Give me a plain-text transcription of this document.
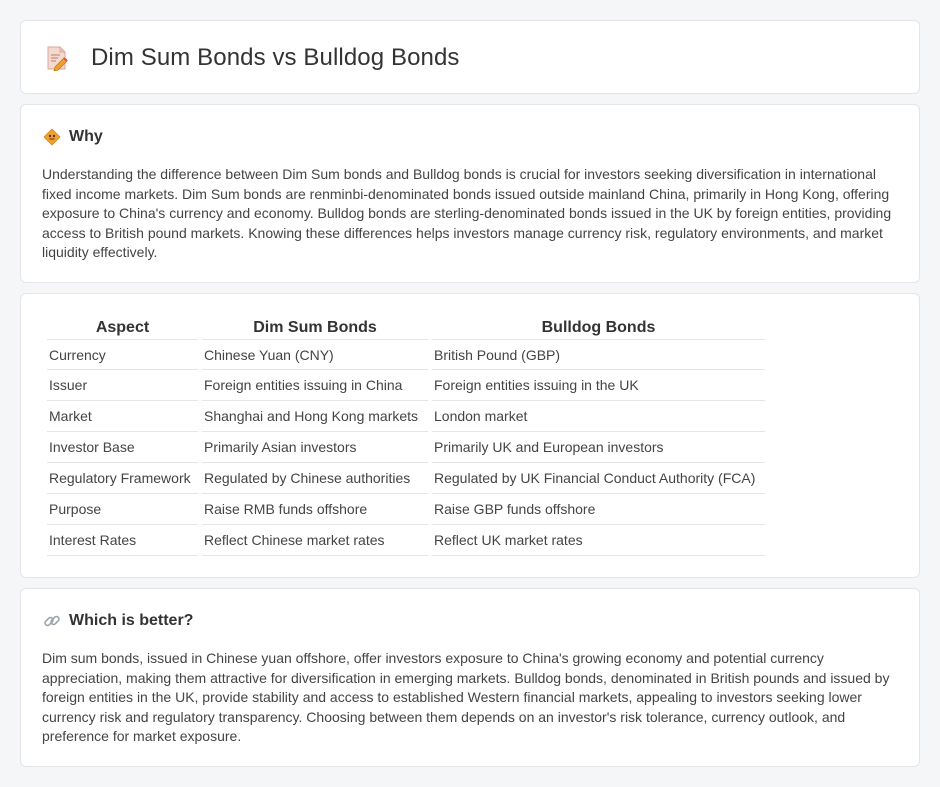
Dim Sum Bonds vs Bulldog Bonds
Why

Understanding the difference between Dim Sum bonds and Bulldog bonds is crucial for investors seeking diversification in international fixed income markets. Dim Sum bonds are renminbi-denominated bonds issued outside mainland China, primarily in Hong Kong, offering exposure to China's currency and economy. Bulldog bonds are sterling-denominated bonds issued in the UK by foreign entities, providing access to British pound markets. Knowing these differences helps investors manage currency risk, regulatory environments, and market liquidity effectively.

Aspect	Dim Sum Bonds	Bulldog Bonds
Currency	Chinese Yuan (CNY)	British Pound (GBP)
Issuer	Foreign entities issuing in China	Foreign entities issuing in the UK
Market	Shanghai and Hong Kong markets	London market
Investor Base	Primarily Asian investors	Primarily UK and European investors
Regulatory Framework	Regulated by Chinese authorities	Regulated by UK Financial Conduct Authority (FCA)
Purpose	Raise RMB funds offshore	Raise GBP funds offshore
Interest Rates	Reflect Chinese market rates	Reflect UK market rates
Which is better?

Dim sum bonds, issued in Chinese yuan offshore, offer investors exposure to China's growing economy and potential currency appreciation, making them attractive for diversification in emerging markets. Bulldog bonds, denominated in British pounds and issued by foreign entities in the UK, provide stability and access to established Western financial markets, appealing to investors seeking lower currency risk and regulatory transparency. Choosing between them depends on an investor's risk tolerance, currency outlook, and preference for market exposure.
